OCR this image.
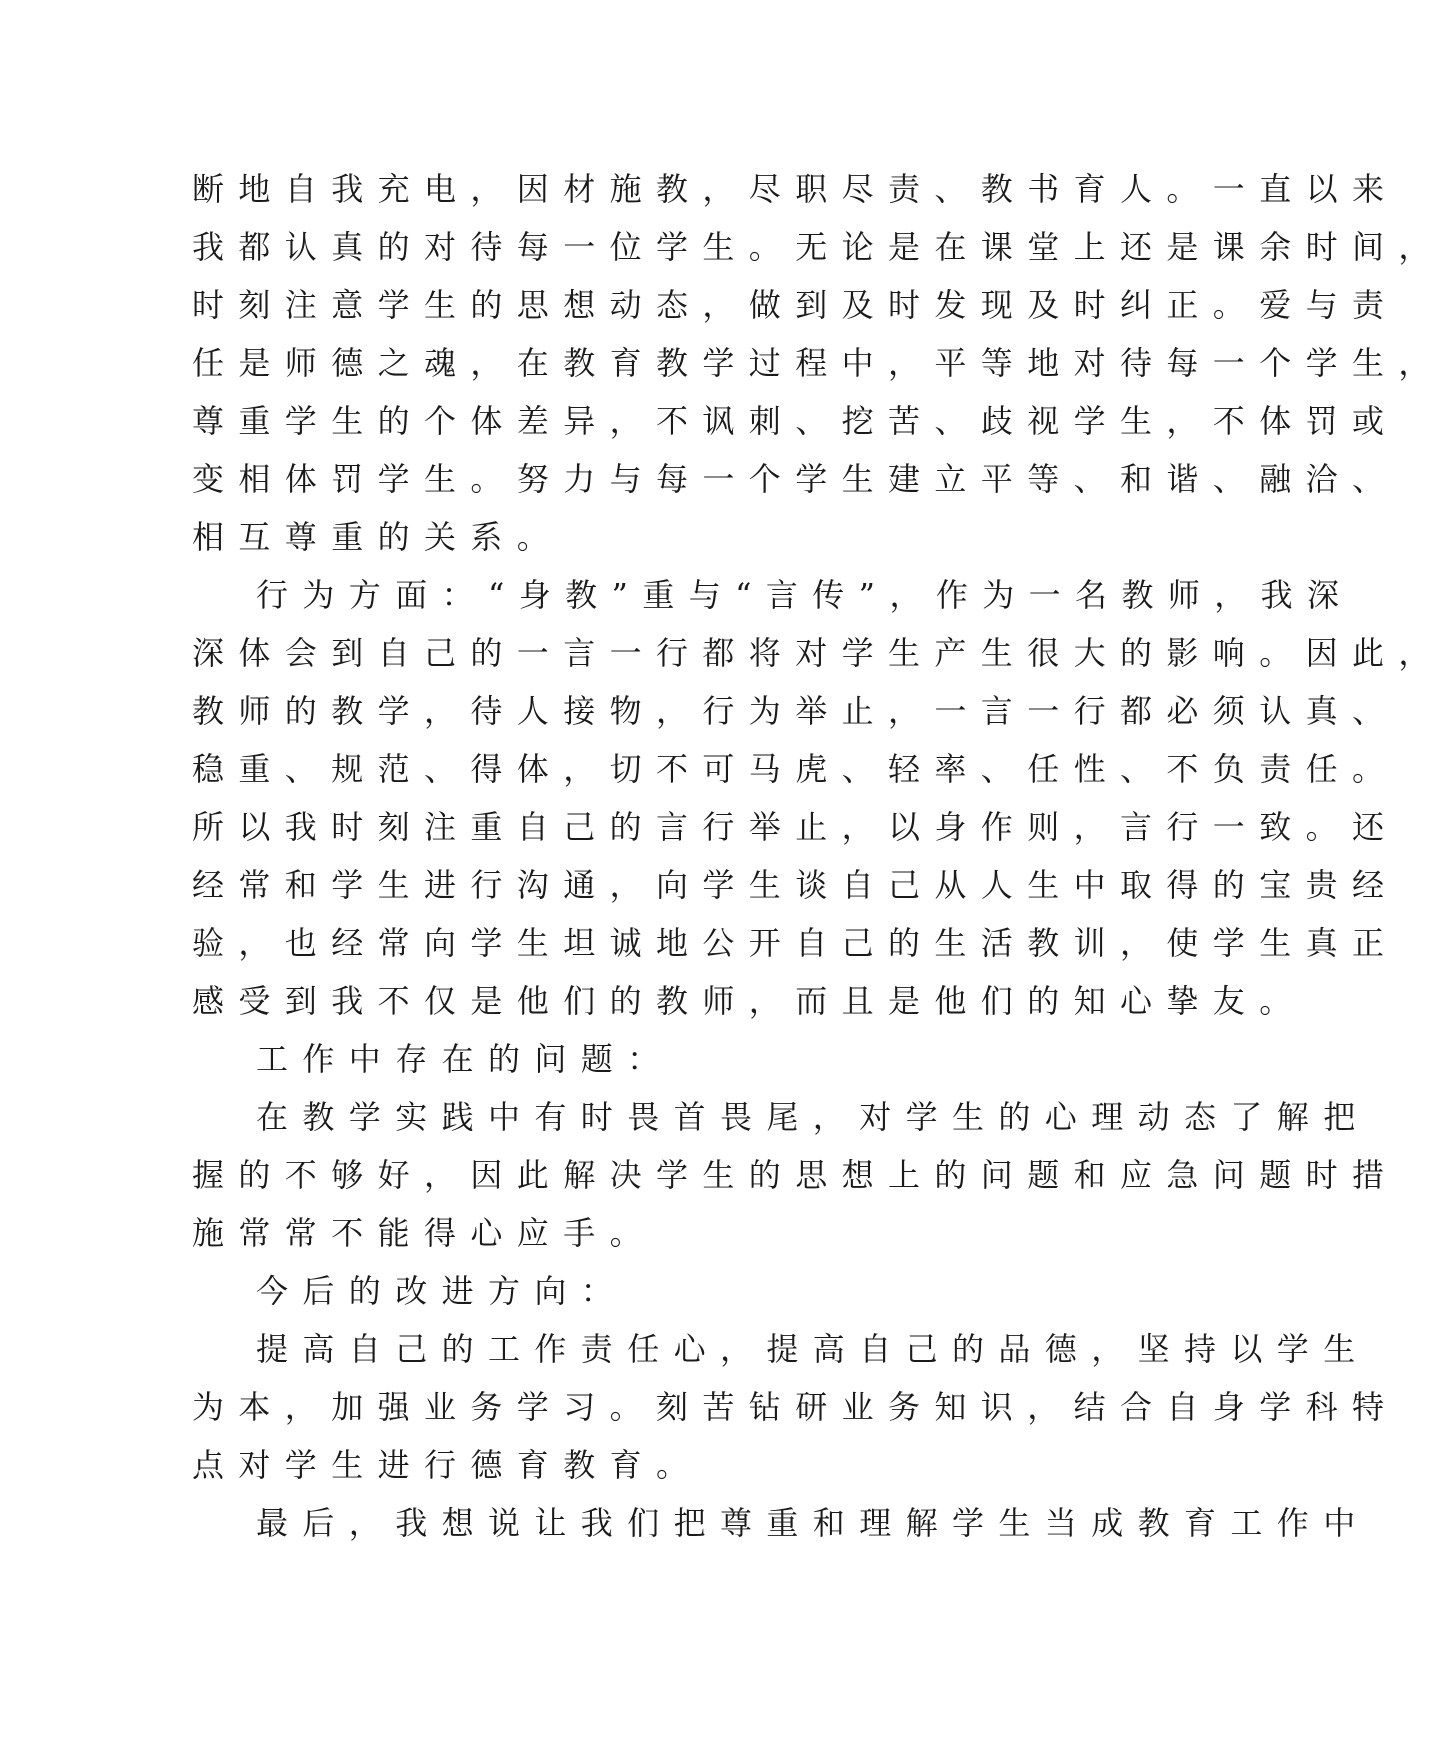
断地自我充电，因材施教，尽职尽责、教书育人。一直以来
我都认真的对待每一位学生。无论是在课堂上还是课余时间，
时刻注意学生的思想动态，做到及时发现及时纠正。爱与责
任是师德之魂，在教育教学过程中，平等地对待每一个学生，
尊重学生的个体差异，不讽刺、挖苦、歧视学生，不体罚或
变相体罚学生。努力与每一个学生建立平等、和谐、融洽、
相互尊重的关系。
行为方面：“身教”重与“言传”，作为一名教师，我深
深体会到自己的一言一行都将对学生产生很大的影响。因此，
教师的教学，待人接物，行为举止，一言一行都必须认真、
稳重、规范、得体，切不可马虎、轻率、任性、不负责任。
所以我时刻注重自己的言行举止，以身作则，言行一致。还
经常和学生进行沟通，向学生谈自己从人生中取得的宝贵经
验，也经常向学生坦诚地公开自己的生活教训，使学生真正
感受到我不仅是他们的教师，而且是他们的知心挚友。
工作中存在的问题：
在教学实践中有时畏首畏尾，对学生的心理动态了解把
握的不够好，因此解决学生的思想上的问题和应急问题时措
施常常不能得心应手。
今后的改进方向：
提高自己的工作责任心，提高自己的品德，坚持以学生
为本，加强业务学习。刻苦钻研业务知识，结合自身学科特
点对学生进行德育教育。
最后，我想说让我们把尊重和理解学生当成教育工作中
